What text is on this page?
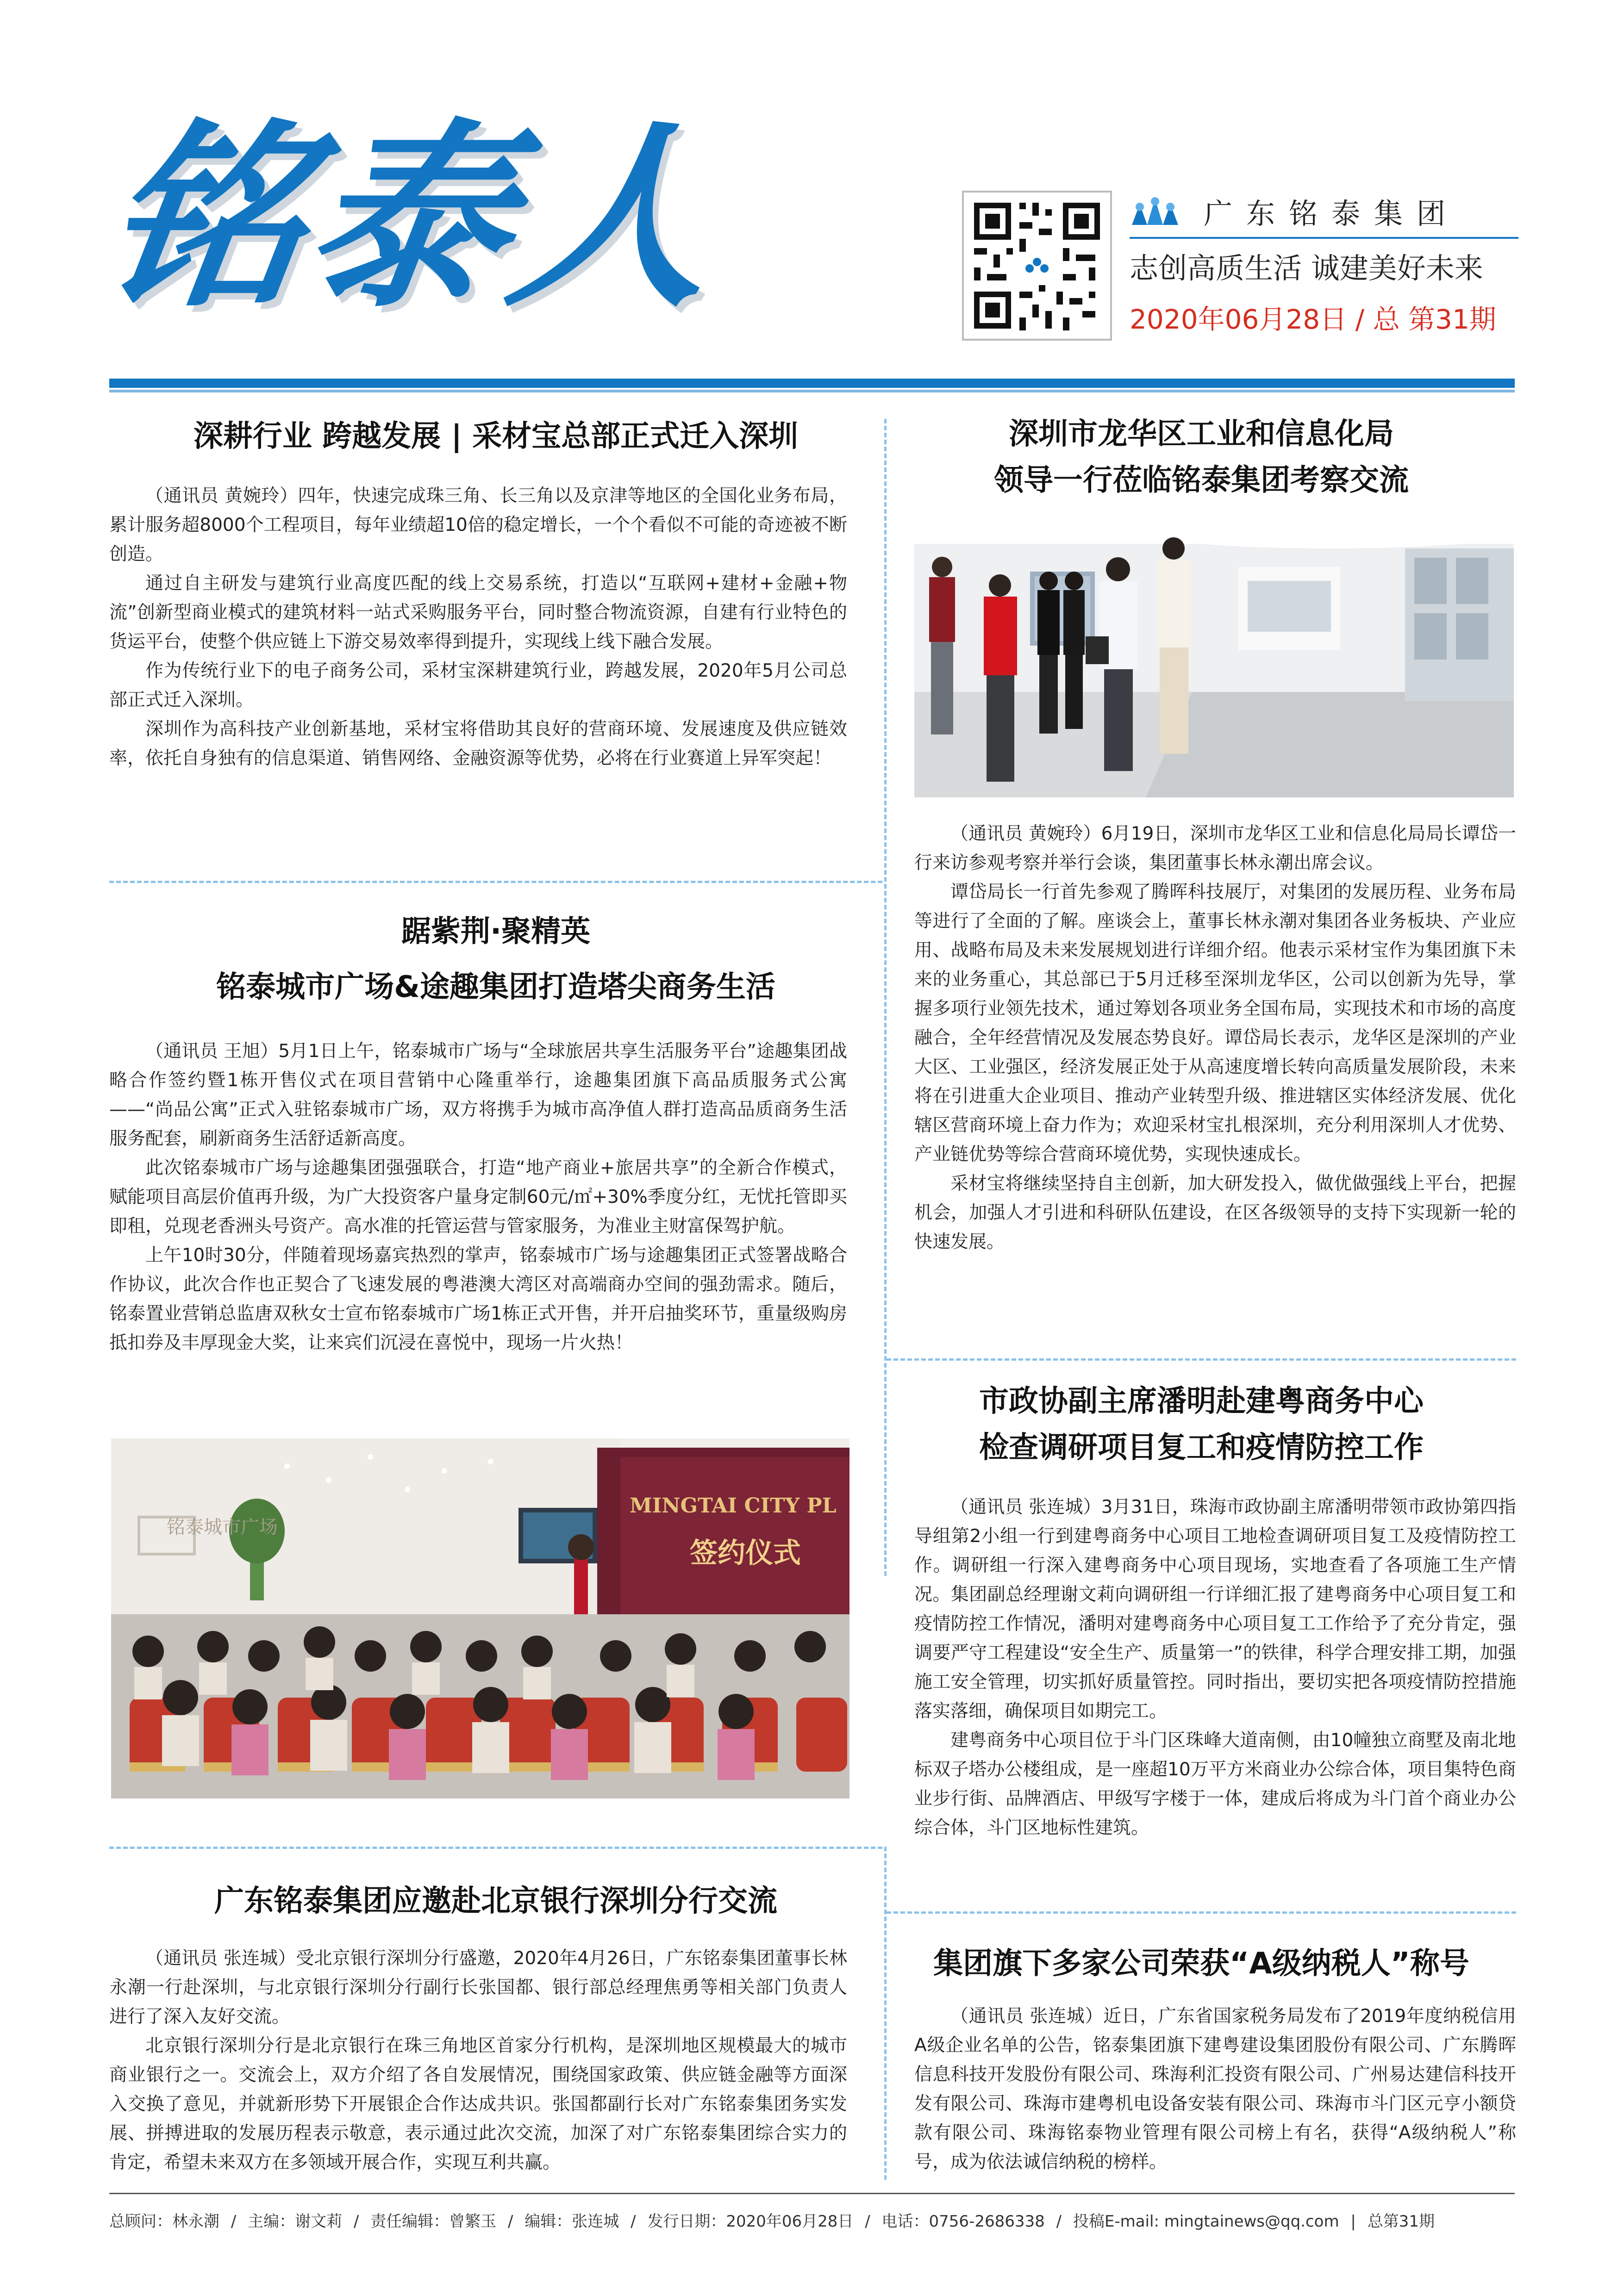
铭泰人	广东铭泰集团
志创高质生活 诚建美好未来
2020年06月28日 / 总 第31期
深耕行业 跨越发展 | 采材宝总部正式迁入深圳

（通讯员 黄婉玲）四年，快速完成珠三角、长三角以及京津等地区的全国化业务布局，累计服务超8000个工程项目，每年业绩超10倍的稳定增长，一个个看似不可能的奇迹被不断创造。

通过自主研发与建筑行业高度匹配的线上交易系统，打造以“互联网+建材+金融+物流”创新型商业模式的建筑材料一站式采购服务平台，同时整合物流资源，自建有行业特色的货运平台，使整个供应链上下游交易效率得到提升，实现线上线下融合发展。

作为传统行业下的电子商务公司，采材宝深耕建筑行业，跨越发展，2020年5月公司总部正式迁入深圳。

深圳作为高科技产业创新基地，采材宝将借助其良好的营商环境、发展速度及供应链效率，依托自身独有的信息渠道、销售网络、金融资源等优势，必将在行业赛道上异军突起！

踞紫荆·聚精英
铭泰城市广场&途趣集团打造塔尖商务生活

（通讯员 王旭）5月1日上午，铭泰城市广场与“全球旅居共享生活服务平台”途趣集团战略合作签约暨1栋开售仪式在项目营销中心隆重举行，途趣集团旗下高品质服务式公寓——“尚品公寓”正式入驻铭泰城市广场，双方将携手为城市高净值人群打造高品质商务生活服务配套，刷新商务生活舒适新高度。

此次铭泰城市广场与途趣集团强强联合，打造“地产商业+旅居共享”的全新合作模式，赋能项目高层价值再升级，为广大投资客户量身定制60元/㎡+30%季度分红，无忧托管即买即租，兑现老香洲头号资产。高水准的托管运营与管家服务，为准业主财富保驾护航。

上午10时30分，伴随着现场嘉宾热烈的掌声，铭泰城市广场与途趣集团正式签署战略合作协议，此次合作也正契合了飞速发展的粤港澳大湾区对高端商办空间的强劲需求。随后，铭泰置业营销总监唐双秋女士宣布铭泰城市广场1栋正式开售，并开启抽奖环节，重量级购房抵扣券及丰厚现金大奖，让来宾们沉浸在喜悦中，现场一片火热！

铭泰城市广场
MINGTAI CITY PL
签约仪式
广东铭泰集团应邀赴北京银行深圳分行交流

（通讯员 张连城）受北京银行深圳分行盛邀，2020年4月26日，广东铭泰集团董事长林永潮一行赴深圳，与北京银行深圳分行副行长张国都、银行部总经理焦勇等相关部门负责人进行了深入友好交流。

北京银行深圳分行是北京银行在珠三角地区首家分行机构，是深圳地区规模最大的城市商业银行之一。交流会上，双方介绍了各自发展情况，围绕国家政策、供应链金融等方面深入交换了意见，并就新形势下开展银企合作达成共识。张国都副行长对广东铭泰集团务实发展、拼搏进取的发展历程表示敬意，表示通过此次交流，加深了对广东铭泰集团综合实力的肯定，希望未来双方在多领域开展合作，实现互利共赢。

深圳市龙华区工业和信息化局
领导一行莅临铭泰集团考察交流

（通讯员 黄婉玲）6月19日，深圳市龙华区工业和信息化局局长谭岱一行来访参观考察并举行会谈，集团董事长林永潮出席会议。

谭岱局长一行首先参观了腾晖科技展厅，对集团的发展历程、业务布局等进行了全面的了解。座谈会上，董事长林永潮对集团各业务板块、产业应用、战略布局及未来发展规划进行详细介绍。他表示采材宝作为集团旗下未来的业务重心，其总部已于5月迁移至深圳龙华区，公司以创新为先导，掌握多项行业领先技术，通过筹划各项业务全国布局，实现技术和市场的高度融合，全年经营情况及发展态势良好。谭岱局长表示，龙华区是深圳的产业大区、工业强区，经济发展正处于从高速度增长转向高质量发展阶段，未来将在引进重大企业项目、推动产业转型升级、推进辖区实体经济发展、优化辖区营商环境上奋力作为；欢迎采材宝扎根深圳，充分利用深圳人才优势、产业链优势等综合营商环境优势，实现快速成长。

采材宝将继续坚持自主创新，加大研发投入，做优做强线上平台，把握机会，加强人才引进和科研队伍建设，在区各级领导的支持下实现新一轮的快速发展。

市政协副主席潘明赴建粤商务中心
检查调研项目复工和疫情防控工作

（通讯员 张连城）3月31日，珠海市政协副主席潘明带领市政协第四指导组第2小组一行到建粤商务中心项目工地检查调研项目复工及疫情防控工作。调研组一行深入建粤商务中心项目现场，实地查看了各项施工生产情况。集团副总经理谢文莉向调研组一行详细汇报了建粤商务中心项目复工和疫情防控工作情况，潘明对建粤商务中心项目复工工作给予了充分肯定，强调要严守工程建设“安全生产、质量第一”的铁律，科学合理安排工期，加强施工安全管理，切实抓好质量管控。同时指出，要切实把各项疫情防控措施落实落细，确保项目如期完工。

建粤商务中心项目位于斗门区珠峰大道南侧，由10幢独立商墅及南北地标双子塔办公楼组成，是一座超10万平方米商业办公综合体，项目集特色商业步行街、品牌酒店、甲级写字楼于一体，建成后将成为斗门首个商业办公综合体，斗门区地标性建筑。

集团旗下多家公司荣获“A级纳税人”称号

（通讯员 张连城）近日，广东省国家税务局发布了2019年度纳税信用A级企业名单的公告，铭泰集团旗下建粤建设集团股份有限公司、广东腾晖信息科技开发股份有限公司、珠海利汇投资有限公司、广州易达建信科技开发有限公司、珠海市建粤机电设备安装有限公司、珠海市斗门区元亨小额贷款有限公司、珠海铭泰物业管理有限公司榜上有名，获得“A级纳税人”称号，成为依法诚信纳税的榜样。

总顾问：林永潮 / 主编：谢文莉 / 责任编辑：曾繁玉 / 编辑：张连城 / 发行日期：2020年06月28日 / 电话：0756-2686338 / 投稿E-mail: mingtainews@qq.com | 总第31期
